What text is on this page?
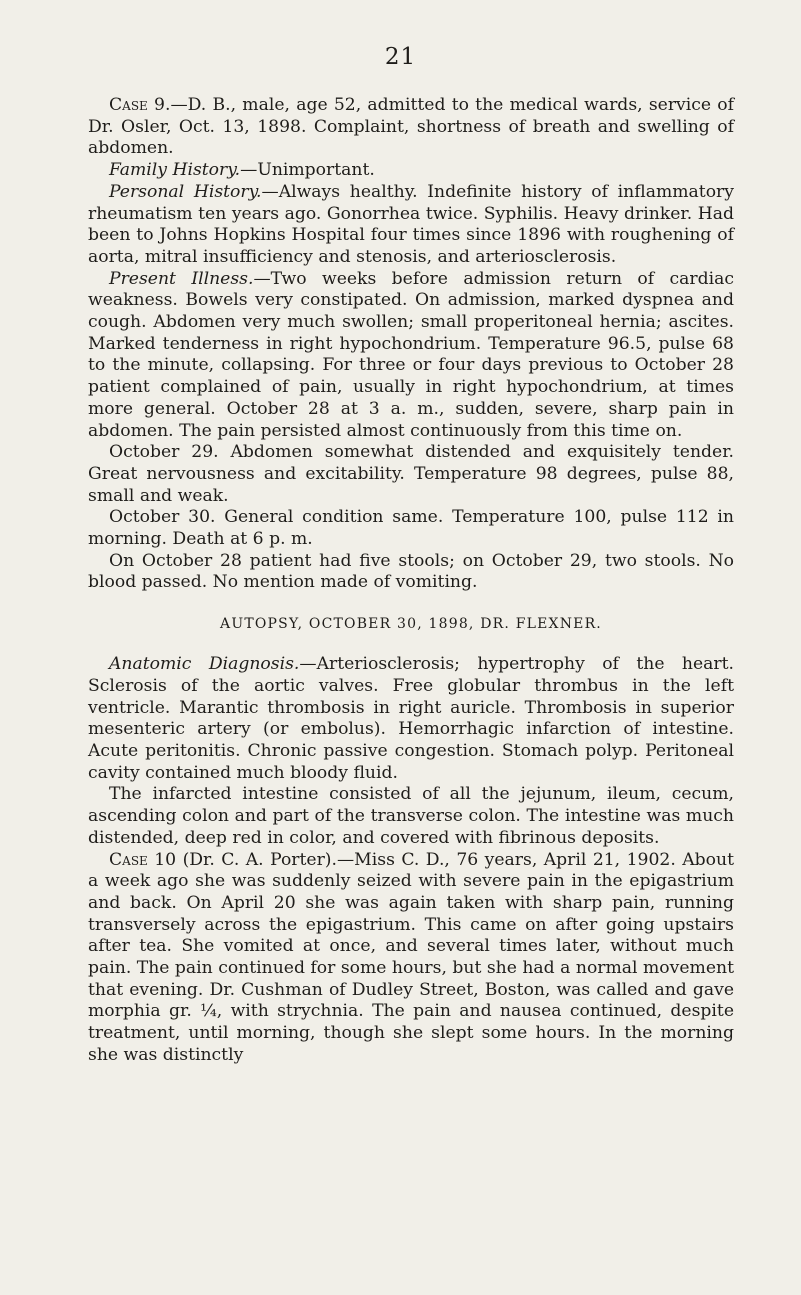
21

Case 9.—D. B., male, age 52, admitted to the medical wards, service of Dr. Osler, Oct. 13, 1898. Complaint, shortness of breath and swelling of abdomen.

Family History.—Unimportant.

Personal History.—Always healthy. Indefinite history of inflammatory rheumatism ten years ago. Gonorrhea twice. Syphilis. Heavy drinker. Had been to Johns Hopkins Hospital four times since 1896 with roughening of aorta, mitral insufficiency and stenosis, and arteriosclerosis.

Present Illness.—Two weeks before admission return of cardiac weakness. Bowels very constipated. On admission, marked dyspnea and cough. Abdomen very much swollen; small properitoneal hernia; ascites. Marked tenderness in right hypochondrium. Temperature 96.5, pulse 68 to the minute, collapsing. For three or four days previous to October 28 patient complained of pain, usually in right hypochondrium, at times more general. October 28 at 3 a. m., sudden, severe, sharp pain in abdomen. The pain persisted almost continuously from this time on.

October 29. Abdomen somewhat distended and exquisitely tender. Great nervousness and excitability. Temperature 98 degrees, pulse 88, small and weak.

October 30. General condition same. Temperature 100, pulse 112 in morning. Death at 6 p. m.

On October 28 patient had five stools; on October 29, two stools. No blood passed. No mention made of vomiting.

AUTOPSY, OCTOBER 30, 1898, DR. FLEXNER.

Anatomic Diagnosis.—Arteriosclerosis; hypertrophy of the heart. Sclerosis of the aortic valves. Free globular thrombus in the left ventricle. Marantic thrombosis in right auricle. Thrombosis in superior mesenteric artery (or embolus). Hemorrhagic infarction of intestine. Acute peritonitis. Chronic passive congestion. Stomach polyp. Peritoneal cavity contained much bloody fluid.

The infarcted intestine consisted of all the jejunum, ileum, cecum, ascending colon and part of the transverse colon. The intestine was much distended, deep red in color, and covered with fibrinous deposits.

Case 10 (Dr. C. A. Porter).—Miss C. D., 76 years, April 21, 1902. About a week ago she was suddenly seized with severe pain in the epigastrium and back. On April 20 she was again taken with sharp pain, running transversely across the epigastrium. This came on after going upstairs after tea. She vomited at once, and several times later, without much pain. The pain continued for some hours, but she had a normal movement that evening. Dr. Cushman of Dudley Street, Boston, was called and gave morphia gr. ¼, with strychnia. The pain and nausea continued, despite treatment, until morning, though she slept some hours. In the morning she was distinctly
